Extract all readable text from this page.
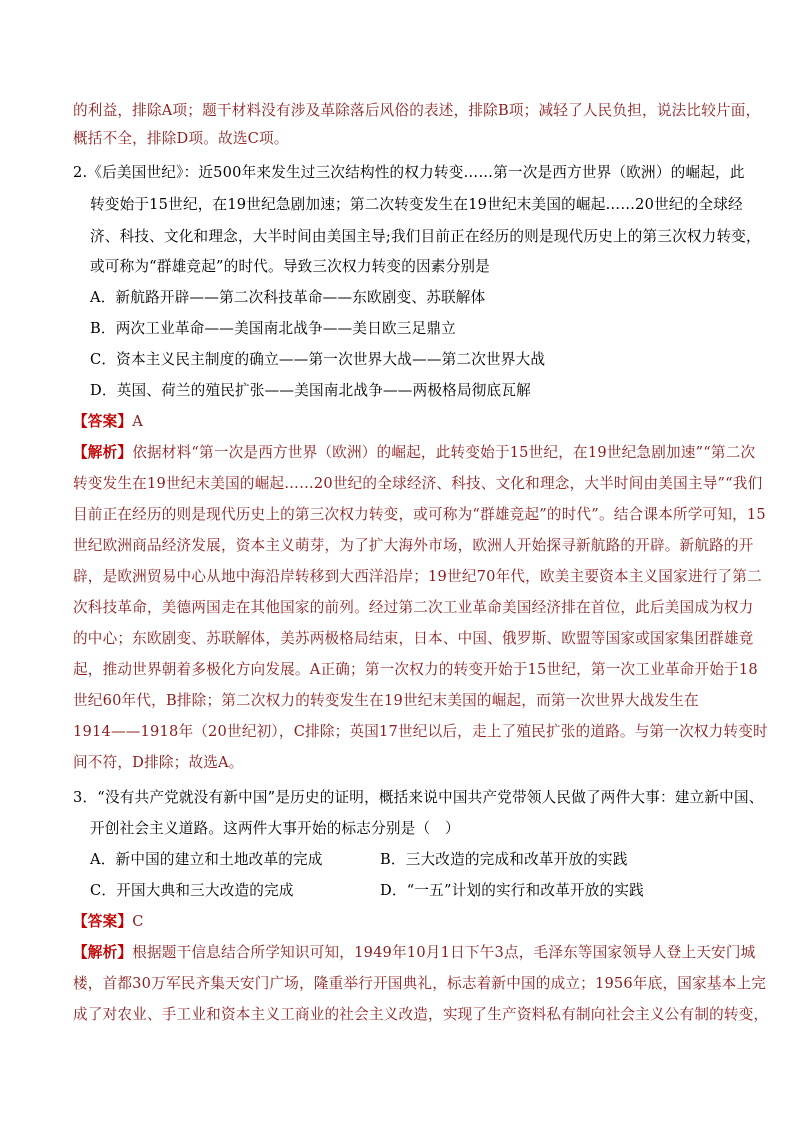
的利益，排除A项；题干材料没有涉及革除落后风俗的表述，排除B项；减轻了人民负担，说法比较片面，
概括不全，排除D项。故选C项。
2.《后美国世纪》：近500年来发生过三次结构性的权力转变……第一次是西方世界（欧洲）的崛起，此
转变始于15世纪，在19世纪急剧加速；第二次转变发生在19世纪末美国的崛起……20世纪的全球经
济、科技、文化和理念，大半时间由美国主导;我们目前正在经历的则是现代历史上的第三次权力转变，
或可称为“群雄竞起”的时代。导致三次权力转变的因素分别是
A．新航路开辟——第二次科技革命——东欧剧变、苏联解体
B．两次工业革命——美国南北战争——美日欧三足鼎立
C．资本主义民主制度的确立——第一次世界大战——第二次世界大战
D．英国、荷兰的殖民扩张——美国南北战争——两极格局彻底瓦解
【答案】A
【解析】依据材料“第一次是西方世界（欧洲）的崛起，此转变始于15世纪，在19世纪急剧加速”“第二次
转变发生在19世纪末美国的崛起……20世纪的全球经济、科技、文化和理念，大半时间由美国主导”“我们
目前正在经历的则是现代历史上的第三次权力转变，或可称为“群雄竞起”的时代”。结合课本所学可知，15
世纪欧洲商品经济发展，资本主义萌芽，为了扩大海外市场，欧洲人开始探寻新航路的开辟。新航路的开
辟，是欧洲贸易中心从地中海沿岸转移到大西洋沿岸；19世纪70年代，欧美主要资本主义国家进行了第二
次科技革命，美德两国走在其他国家的前列。经过第二次工业革命美国经济排在首位，此后美国成为权力
的中心；东欧剧变、苏联解体，美苏两极格局结束，日本、中国、俄罗斯、欧盟等国家或国家集团群雄竟
起，推动世界朝着多极化方向发展。A正确；第一次权力的转变开始于15世纪，第一次工业革命开始于18
世纪60年代，B排除；第二次权力的转变发生在19世纪末美国的崛起，而第一次世界大战发生在
1914——1918年（20世纪初），C排除；英国17世纪以后，走上了殖民扩张的道路。与第一次权力转变时
间不符，D排除；故选A。
3．“没有共产党就没有新中国”是历史的证明，概括来说中国共产党带领人民做了两件大事：建立新中国、
开创社会主义道路。这两件大事开始的标志分别是（　）
A．新中国的建立和土地改革的完成	B．三大改造的完成和改革开放的实践
C．开国大典和三大改造的完成	D．“一五”计划的实行和改革开放的实践
【答案】C
【解析】根据题干信息结合所学知识可知，1949年10月1日下午3点，毛泽东等国家领导人登上天安门城
楼，首都30万军民齐集天安门广场，隆重举行开国典礼，标志着新中国的成立；1956年底，国家基本上完
成了对农业、手工业和资本主义工商业的社会主义改造，实现了生产资料私有制向社会主义公有制的转变，
